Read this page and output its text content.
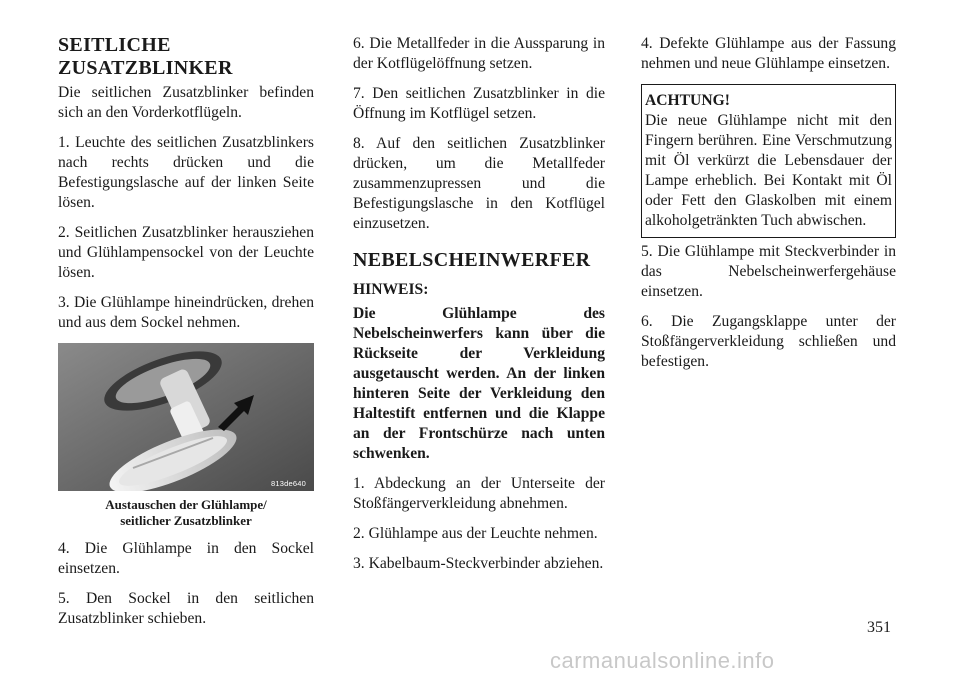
SEITLICHE ZUSATZBLINKER

Die seitlichen Zusatzblinker befinden sich an den Vorderkotflügeln.

1. Leuchte des seitlichen Zusatzblinkers nach rechts drücken und die Befestigungslasche auf der linken Seite lösen.

2. Seitlichen Zusatzblinker herausziehen und Glühlampensockel von der Leuchte lösen.

3. Die Glühlampe hineindrücken, drehen und aus dem Sockel nehmen.

813de640
Austauschen der Glühlampe/
seitlicher Zusatzblinker

4. Die Glühlampe in den Sockel einsetzen.

5. Den Sockel in den seitlichen Zusatzblinker schieben.

6. Die Metallfeder in die Aussparung in der Kotflügelöffnung setzen.

7. Den seitlichen Zusatzblinker in die Öffnung im Kotflügel setzen.

8. Auf den seitlichen Zusatzblinker drücken, um die Metallfeder zusammenzupressen und die Befestigungslasche in den Kotflügel einzusetzen.

NEBELSCHEINWERFER

HINWEIS:

Die Glühlampe des Nebelscheinwerfers kann über die Rückseite der Verkleidung ausgetauscht werden. An der linken hinteren Seite der Verkleidung den Haltestift entfernen und die Klappe an der Frontschürze nach unten schwenken.

1. Abdeckung an der Unterseite der Stoßfängerverkleidung abnehmen.

2. Glühlampe aus der Leuchte nehmen.

3. Kabelbaum-Steckverbinder abziehen.

4. Defekte Glühlampe aus der Fassung nehmen und neue Glühlampe einsetzen.

ACHTUNG!

Die neue Glühlampe nicht mit den Fingern berühren. Eine Verschmutzung mit Öl verkürzt die Lebensdauer der Lampe erheblich. Bei Kontakt mit Öl oder Fett den Glaskolben mit einem alkoholgetränkten Tuch abwischen.

5. Die Glühlampe mit Steckverbinder in das Nebelscheinwerfergehäuse einsetzen.

6. Die Zugangsklappe unter der Stoßfängerverkleidung schließen und befestigen.

351
carmanualsonline.info
